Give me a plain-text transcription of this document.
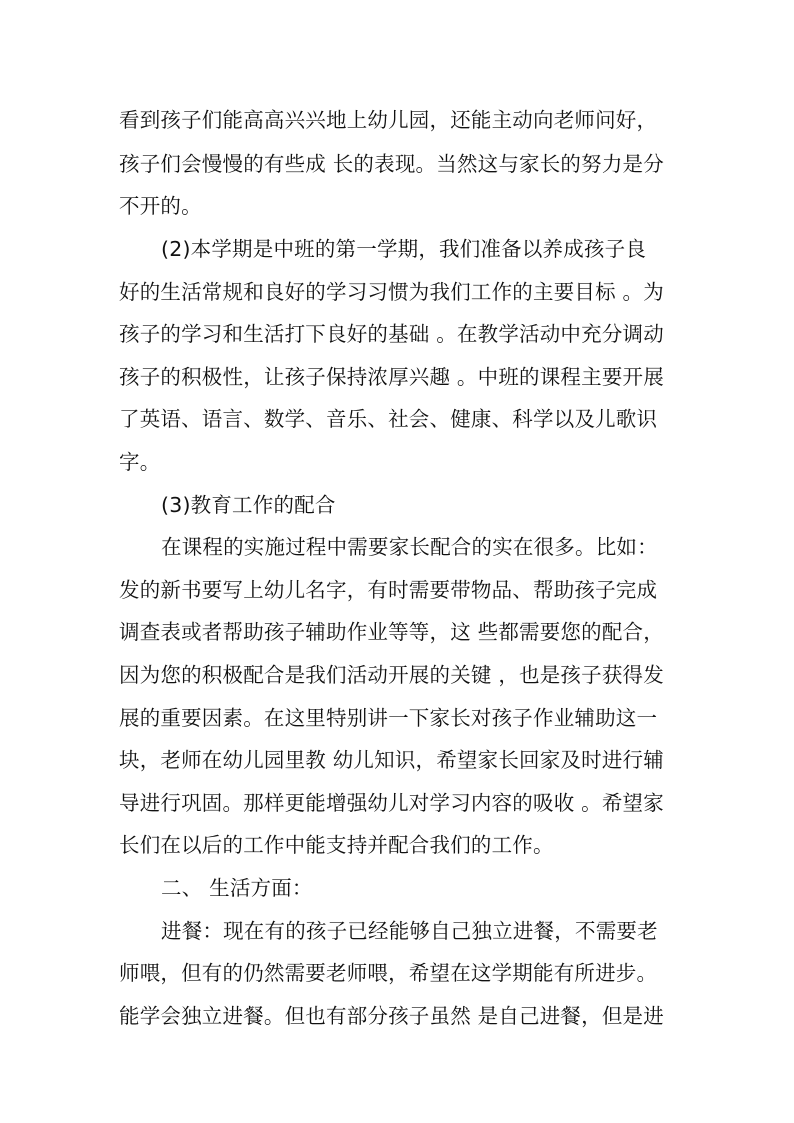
看到孩子们能高高兴兴地上幼儿园，还能主动向老师问好，
孩子们会慢慢的有些成 长的表现。当然这与家长的努力是分
不开的。
(2)本学期是中班的第一学期，我们准备以养成孩子良
好的生活常规和良好的学习习惯为我们工作的主要目标 。为
孩子的学习和生活打下良好的基础 。在教学活动中充分调动
孩子的积极性，让孩子保持浓厚兴趣 。中班的课程主要开展
了英语、语言、数学、音乐、社会、健康、科学以及儿歌识
字。
(3)教育工作的配合
在课程的实施过程中需要家长配合的实在很多。比如：
发的新书要写上幼儿名字，有时需要带物品、帮助孩子完成
调查表或者帮助孩子辅助作业等等，这 些都需要您的配合，
因为您的积极配合是我们活动开展的关键 ，也是孩子获得发
展的重要因素。在这里特别讲一下家长对孩子作业辅助这一
块，老师在幼儿园里教 幼儿知识，希望家长回家及时进行辅
导进行巩固。那样更能增强幼儿对学习内容的吸收 。希望家
长们在以后的工作中能支持并配合我们的工作。
二、 生活方面：
进餐：现在有的孩子已经能够自己独立进餐，不需要老
师喂，但有的仍然需要老师喂，希望在这学期能有所进步。
能学会独立进餐。但也有部分孩子虽然 是自己进餐，但是进
